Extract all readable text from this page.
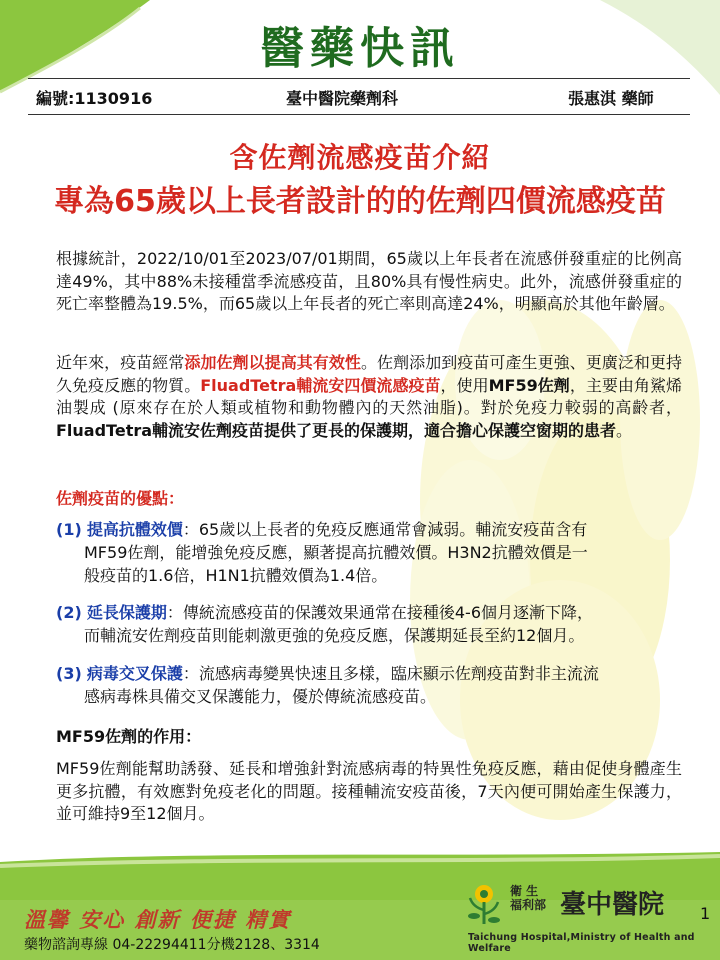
醫藥快訊
編號:1130916	臺中醫院藥劑科	張惠淇 藥師
含佐劑流感疫苗介紹
專為65歲以上長者設計的的佐劑四價流感疫苗
根據統計，2022/10/01至2023/07/01期間，65歲以上年長者在流感併發重症的比例高達49%，其中88%未接種當季流感疫苗，且80%具有慢性病史。此外，流感併發重症的死亡率整體為19.5%，而65歲以上年長者的死亡率則高達24%，明顯高於其他年齡層。
近年來，疫苗經常添加佐劑以提高其有效性。佐劑添加到疫苗可產生更強、更廣泛和更持久免疫反應的物質。FluadTetra輔流安四價流感疫苗，使用MF59佐劑，主要由角鯊烯油製成 (原來存在於人類或植物和動物體內的天然油脂)。對於免疫力較弱的高齡者，FluadTetra輔流安佐劑疫苗提供了更長的保護期，適合擔心保護空窗期的患者。
佐劑疫苗的優點：
(1) 提高抗體效價：65歲以上長者的免疫反應通常會減弱。輔流安疫苗含有
MF59佐劑，能增強免疫反應，顯著提高抗體效價。H3N2抗體效價是一
般疫苗的1.6倍，H1N1抗體效價為1.4倍。
(2) 延長保護期：傳統流感疫苗的保護效果通常在接種後4-6個月逐漸下降，
而輔流安佐劑疫苗則能刺激更強的免疫反應，保護期延長至約12個月。
(3) 病毒交叉保護：流感病毒變異快速且多樣，臨床顯示佐劑疫苗對非主流流
感病毒株具備交叉保護能力，優於傳統流感疫苗。
MF59佐劑的作用：
MF59佐劑能幫助誘發、延長和增強針對流感病毒的特異性免疫反應，藉由促使身體產生更多抗體，有效應對免疫老化的問題。接種輔流安疫苗後，7天內便可開始產生保護力，並可維持9至12個月。
溫馨 安心 創新 便捷 精實
藥物諮詢專線 04-22294411分機2128、3314
衛 生
福利部 臺中醫院
Taichung Hospital,Ministry of Health and Welfare
1
